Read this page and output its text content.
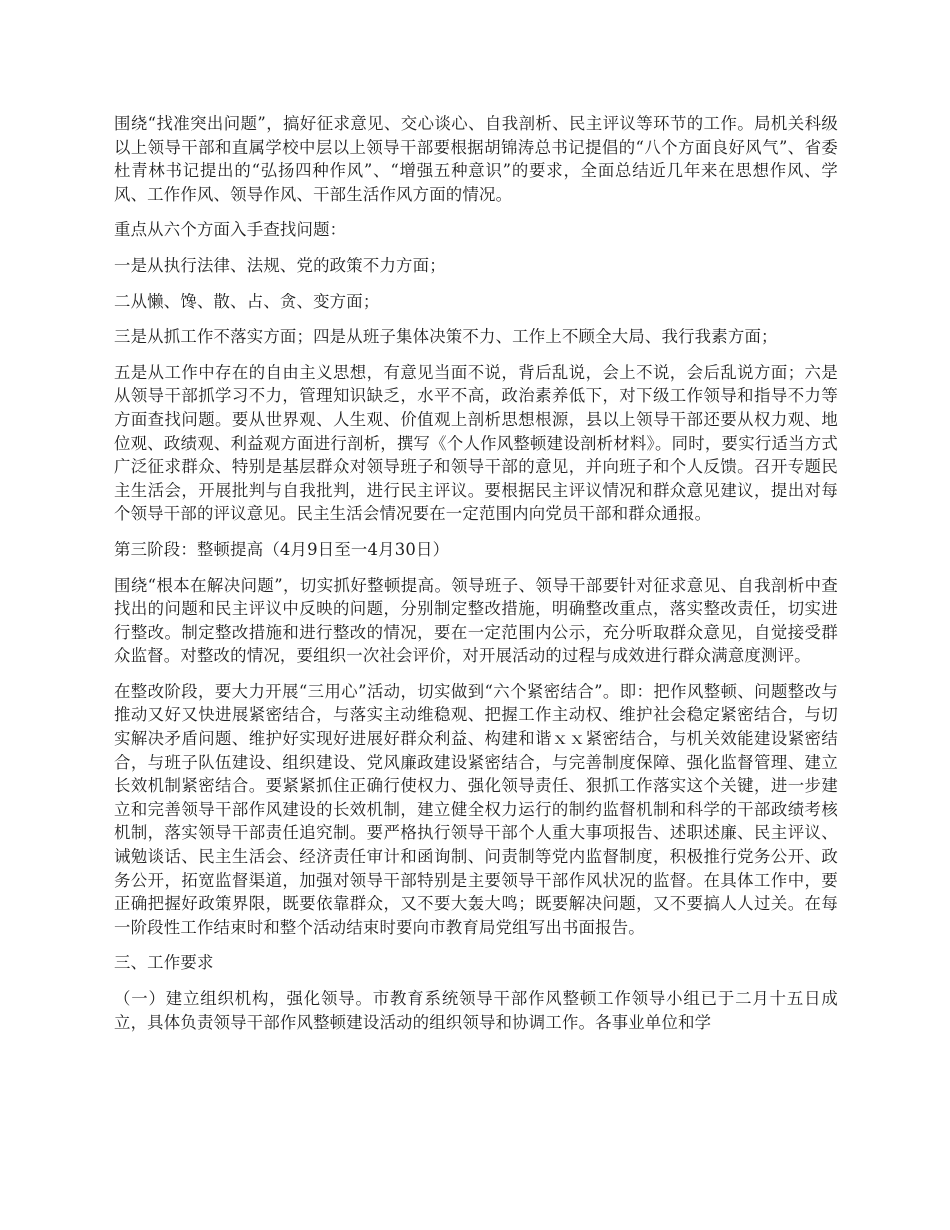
围绕“找准突出问题”，搞好征求意见、交心谈心、自我剖析、民主评议等环节的工作。局机关科级以上领导干部和直属学校中层以上领导干部要根据胡锦涛总书记提倡的“八个方面良好风气”、省委杜青林书记提出的“弘扬四种作风”、“增强五种意识”的要求，全面总结近几年来在思想作风、学风、工作作风、领导作风、干部生活作风方面的情况。

重点从六个方面入手查找问题：

一是从执行法律、法规、党的政策不力方面；

二从懒、馋、散、占、贪、变方面；

三是从抓工作不落实方面；四是从班子集体决策不力、工作上不顾全大局、我行我素方面；

五是从工作中存在的自由主义思想，有意见当面不说，背后乱说，会上不说，会后乱说方面；六是从领导干部抓学习不力，管理知识缺乏，水平不高，政治素养低下，对下级工作领导和指导不力等方面查找问题。要从世界观、人生观、价值观上剖析思想根源，县以上领导干部还要从权力观、地位观、政绩观、利益观方面进行剖析，撰写《个人作风整顿建设剖析材料》。同时，要实行适当方式广泛征求群众、特别是基层群众对领导班子和领导干部的意见，并向班子和个人反馈。召开专题民主生活会，开展批判与自我批判，进行民主评议。要根据民主评议情况和群众意见建议，提出对每个领导干部的评议意见。民主生活会情况要在一定范围内向党员干部和群众通报。

第三阶段：整顿提高（4月9日至一4月30日）

围绕“根本在解决问题”，切实抓好整顿提高。领导班子、领导干部要针对征求意见、自我剖析中查找出的问题和民主评议中反映的问题，分别制定整改措施，明确整改重点，落实整改责任，切实进行整改。制定整改措施和进行整改的情况，要在一定范围内公示，充分听取群众意见，自觉接受群众监督。对整改的情况，要组织一次社会评价，对开展活动的过程与成效进行群众满意度测评。

在整改阶段，要大力开展“三用心”活动，切实做到“六个紧密结合”。即：把作风整顿、问题整改与推动又好又快进展紧密结合，与落实主动维稳观、把握工作主动权、维护社会稳定紧密结合，与切实解决矛盾问题、维护好实现好进展好群众利益、构建和谐ｘｘ紧密结合，与机关效能建设紧密结合，与班子队伍建设、组织建设、党风廉政建设紧密结合，与完善制度保障、强化监督管理、建立长效机制紧密结合。要紧紧抓住正确行使权力、强化领导责任、狠抓工作落实这个关键，进一步建立和完善领导干部作风建设的长效机制，建立健全权力运行的制约监督机制和科学的干部政绩考核机制，落实领导干部责任追究制。要严格执行领导干部个人重大事项报告、述职述廉、民主评议、诫勉谈话、民主生活会、经济责任审计和函询制、问责制等党内监督制度，积极推行党务公开、政务公开，拓宽监督渠道，加强对领导干部特别是主要领导干部作风状况的监督。在具体工作中，要正确把握好政策界限，既要依靠群众，又不要大轰大鸣；既要解决问题，又不要搞人人过关。在每一阶段性工作结束时和整个活动结束时要向市教育局党组写出书面报告。

三、工作要求

（一）建立组织机构，强化领导。市教育系统领导干部作风整顿工作领导小组已于二月十五日成立，具体负责领导干部作风整顿建设活动的组织领导和协调工作。各事业单位和学
